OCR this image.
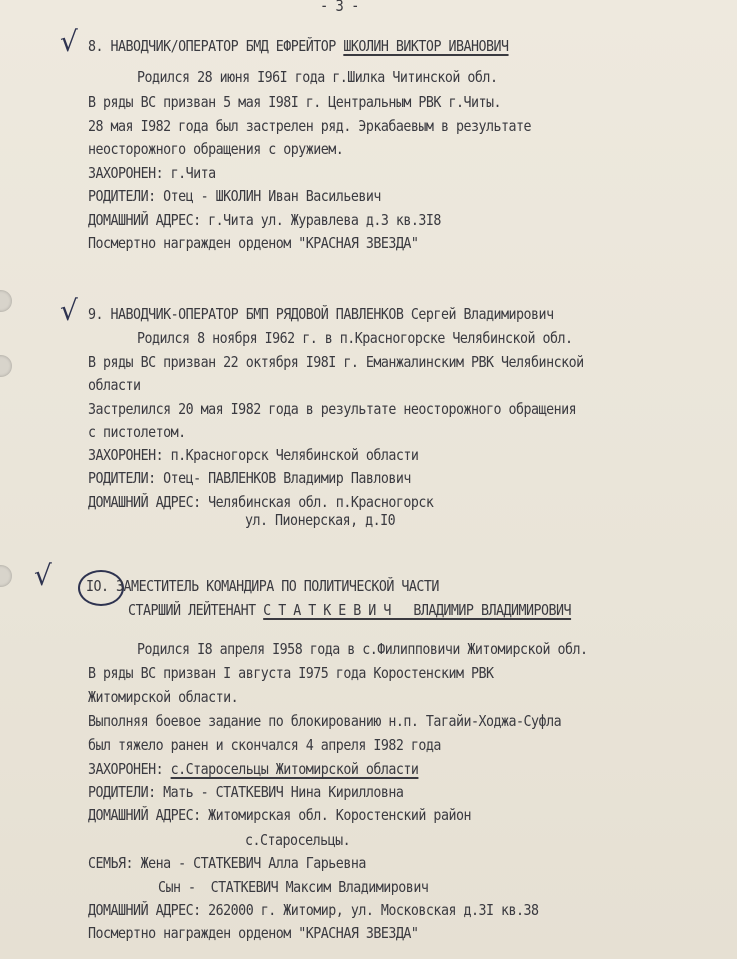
- 3 -
√ 8. НАВОДЧИК/ОПЕРАТОР БМД ЕФРЕЙТОР ШКОЛИН ВИКТОР ИВАНОВИЧ
Родился 28 июня I96I года г.Шилка Читинской обл.
В ряды ВС призван 5 мая I98I г. Центральным РВК г.Читы.
28 мая I982 года был застрелен ряд. Эркабаевым в результате
неосторожного обращения с оружием.
ЗАХОРОНЕН: г.Чита
РОДИТЕЛИ: Отец - ШКОЛИН Иван Васильевич
ДОМАШНИЙ АДРЕС: г.Чита ул. Журавлева д.3 кв.3I8
Посмертно награжден орденом "КРАСНАЯ ЗВЕЗДА"
√ 9. НАВОДЧИК-ОПЕРАТОР БМП РЯДОВОЙ ПАВЛЕНКОВ Сергей Владимирович
Родился 8 ноября I962 г. в п.Красногорске Челябинской обл.
В ряды ВС призван 22 октября I98I г. Еманжалинским РВК Челябинской
области
Застрелился 20 мая I982 года в результате неосторожного обращения
с пистолетом.
ЗАХОРОНЕН: п.Красногорск Челябинской области
РОДИТЕЛИ: Отец- ПАВЛЕНКОВ Владимир Павлович
ДОМАШНИЙ АДРЕС: Челябинская обл. п.Красногорск
ул. Пионерская, д.I0
√ IO. ЗАМЕСТИТЕЛЬ КОМАНДИРА ПО ПОЛИТИЧЕСКОЙ ЧАСТИ
СТАРШИЙ ЛЕЙТЕНАНТ С Т А Т К Е В И Ч   ВЛАДИМИР ВЛАДИМИРОВИЧ
Родился I8 апреля I958 года в с.Филипповичи Житомирской обл.
В ряды ВС призван I августа I975 года Коростенским РВК
Житомирской области.
Выполняя боевое задание по блокированию н.п. Тагайи-Ходжа-Суфла
был тяжело ранен и скончался 4 апреля I982 года
ЗАХОРОНЕН: с.Старосельцы Житомирской области
РОДИТЕЛИ: Мать - СТАТКЕВИЧ Нина Кирилловна
ДОМАШНИЙ АДРЕС: Житомирская обл. Коростенский район
с.Старосельцы.
СЕМЬЯ: Жена - СТАТКЕВИЧ Алла Гарьевна
Сын -  СТАТКЕВИЧ Максим Владимирович
ДОМАШНИЙ АДРЕС: 262000 г. Житомир, ул. Московская д.3I кв.38
Посмертно награжден орденом "КРАСНАЯ ЗВЕЗДА"
